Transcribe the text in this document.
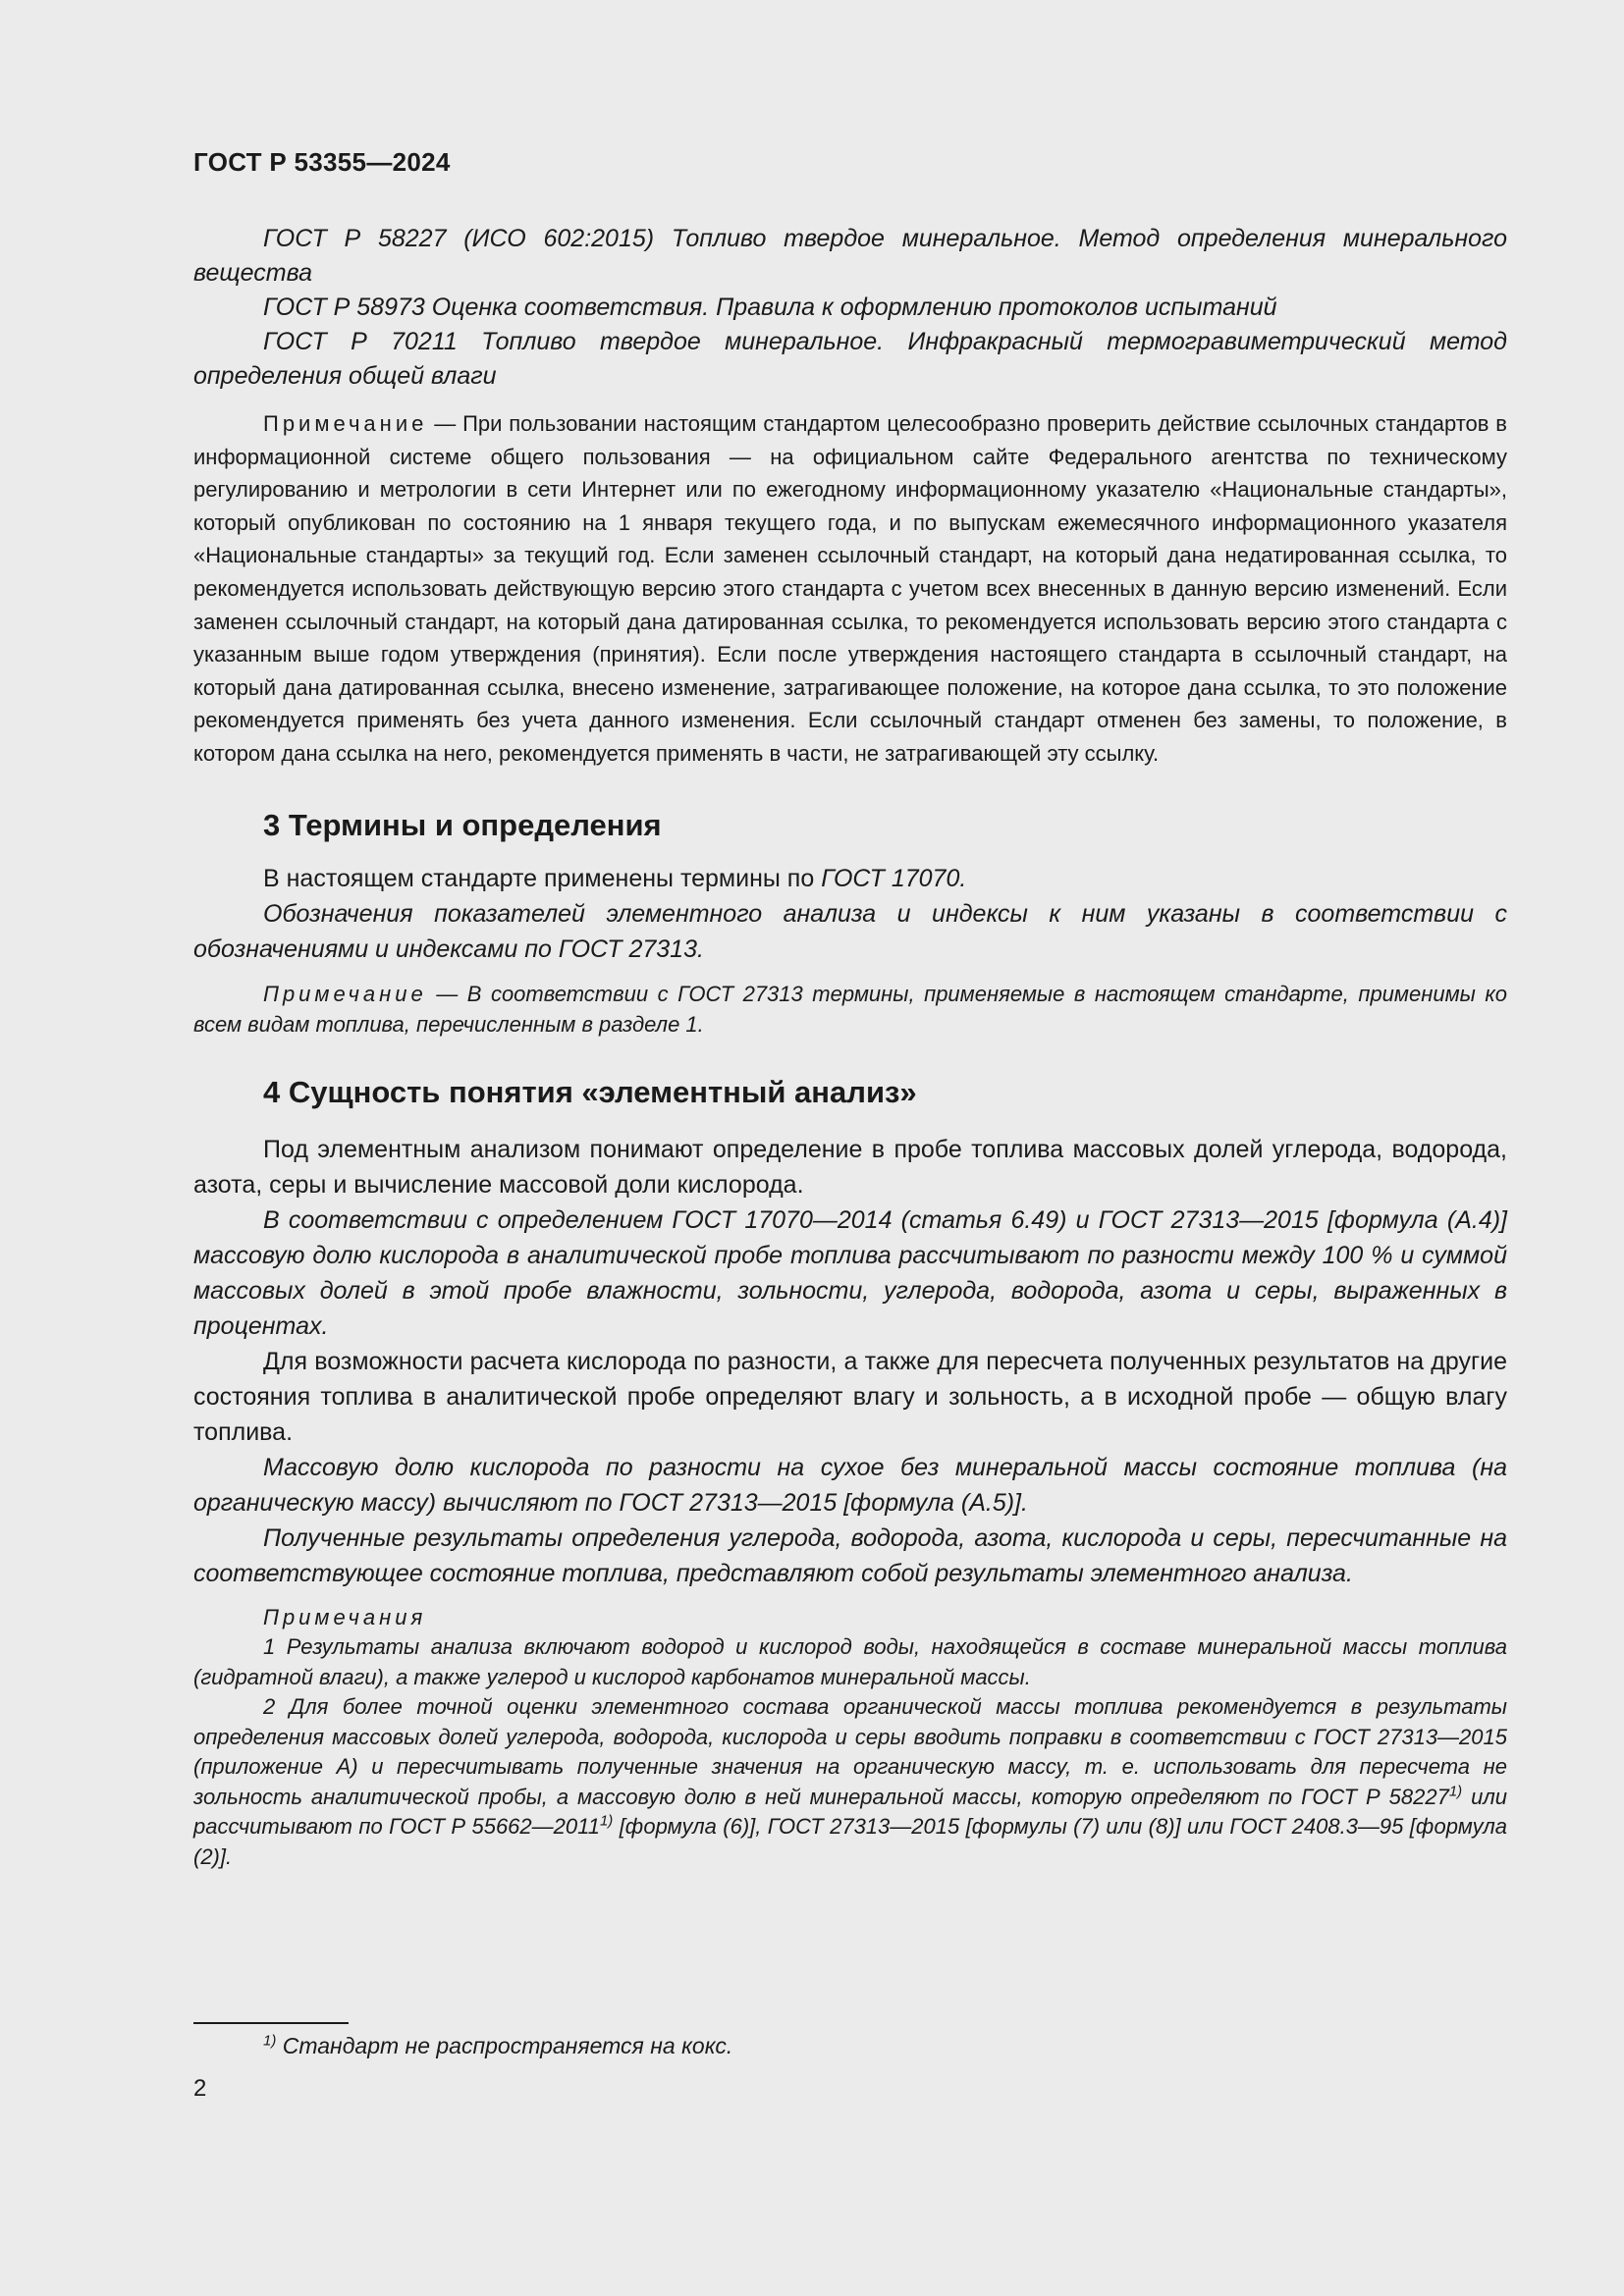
ГОСТ Р 53355—2024

ГОСТ Р 58227 (ИСО 602:2015) Топливо твердое минеральное. Метод определения минерального вещества

ГОСТ Р 58973 Оценка соответствия. Правила к оформлению протоколов испытаний

ГОСТ Р 70211 Топливо твердое минеральное. Инфракрасный термогравиметрический метод определения общей влаги

Примечание — При пользовании настоящим стандартом целесообразно проверить действие ссылочных стандартов в информационной системе общего пользования — на официальном сайте Федерального агентства по техническому регулированию и метрологии в сети Интернет или по ежегодному информационному указателю «Национальные стандарты», который опубликован по состоянию на 1 января текущего года, и по выпускам ежемесячного информационного указателя «Национальные стандарты» за текущий год. Если заменен ссылочный стандарт, на который дана недатированная ссылка, то рекомендуется использовать действующую версию этого стандарта с учетом всех внесенных в данную версию изменений. Если заменен ссылочный стандарт, на который дана датированная ссылка, то рекомендуется использовать версию этого стандарта с указанным выше годом утверждения (принятия). Если после утверждения настоящего стандарта в ссылочный стандарт, на который дана датированная ссылка, внесено изменение, затрагивающее положение, на которое дана ссылка, то это положение рекомендуется применять без учета данного изменения. Если ссылочный стандарт отменен без замены, то положение, в котором дана ссылка на него, рекомендуется применять в части, не затрагивающей эту ссылку.

3 Термины и определения

В настоящем стандарте применены термины по ГОСТ 17070.

Обозначения показателей элементного анализа и индексы к ним указаны в соответствии с обозначениями и индексами по ГОСТ 27313.

Примечание — В соответствии с ГОСТ 27313 термины, применяемые в настоящем стандарте, применимы ко всем видам топлива, перечисленным в разделе 1.

4 Сущность понятия «элементный анализ»

Под элементным анализом понимают определение в пробе топлива массовых долей углерода, водорода, азота, серы и вычисление массовой доли кислорода.

В соответствии с определением ГОСТ 17070—2014 (статья 6.49) и ГОСТ 27313—2015 [формула (А.4)] массовую долю кислорода в аналитической пробе топлива рассчитывают по разности между 100 % и суммой массовых долей в этой пробе влажности, зольности, углерода, водорода, азота и серы, выраженных в процентах.

Для возможности расчета кислорода по разности, а также для пересчета полученных результатов на другие состояния топлива в аналитической пробе определяют влагу и зольность, а в исходной пробе — общую влагу топлива.

Массовую долю кислорода по разности на сухое без минеральной массы состояние топлива (на органическую массу) вычисляют по ГОСТ 27313—2015 [формула (А.5)].

Полученные результаты определения углерода, водорода, азота, кислорода и серы, пересчитанные на соответствующее состояние топлива, представляют собой результаты элементного анализа.

Примечания

1 Результаты анализа включают водород и кислород воды, находящейся в составе минеральной массы топлива (гидратной влаги), а также углерод и кислород карбонатов минеральной массы.

2 Для более точной оценки элементного состава органической массы топлива рекомендуется в результаты определения массовых долей углерода, водорода, кислорода и серы вводить поправки в соответствии с ГОСТ 27313—2015 (приложение А) и пересчитывать полученные значения на органическую массу, т. е. использовать для пересчета не зольность аналитической пробы, а массовую долю в ней минеральной массы, которую определяют по ГОСТ Р 58227$^{1)}$ или рассчитывают по ГОСТ Р 55662—2011$^{1)}$ [формула (6)], ГОСТ 27313—2015 [формулы (7) или (8)] или ГОСТ 2408.3—95 [формула (2)].

$^{1)}$ Стандарт не распространяется на кокс.
2
